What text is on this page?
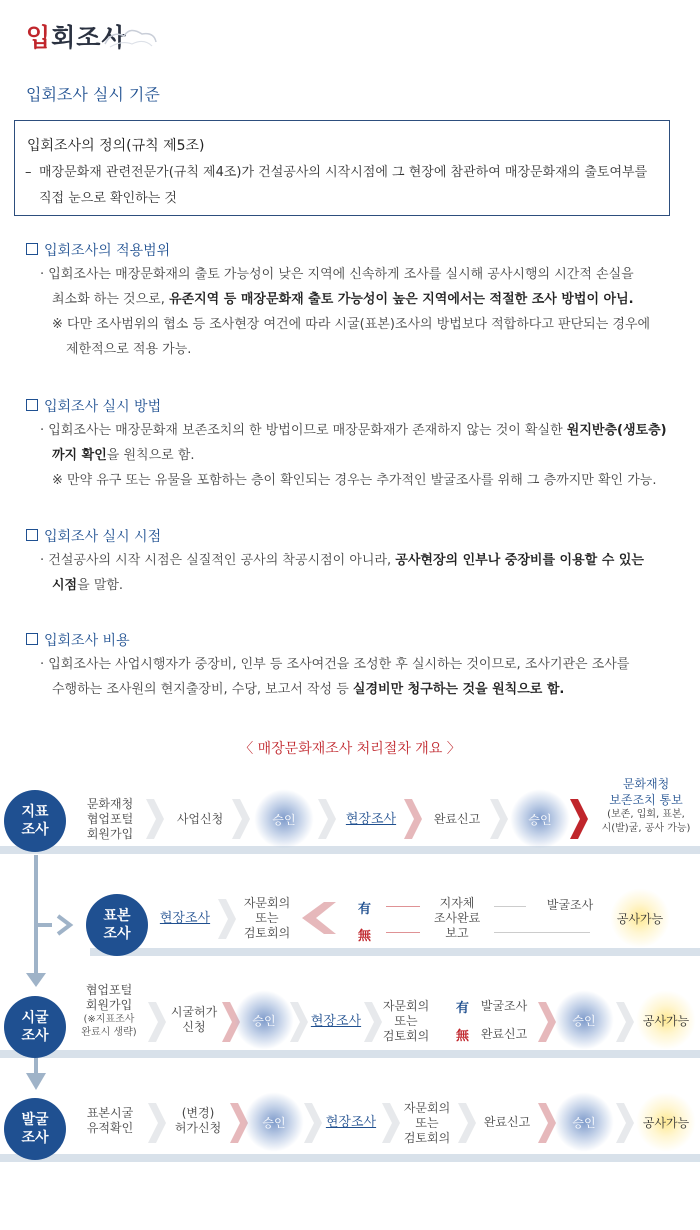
입회조사
입회조사 실시 기준
입회조사의 정의(규칙 제5조)
– 매장문화재 관련전문가(규칙 제4조)가 건설공사의 시작시점에 그 현장에 참관하여 매장문화재의 출토여부를
직접 눈으로 확인하는 것
입회조사의 적용범위
· 입회조사는 매장문화재의 출토 가능성이 낮은 지역에 신속하게 조사를 실시해 공사시행의 시간적 손실을
최소화 하는 것으로, 유존지역 등 매장문화재 출토 가능성이 높은 지역에서는 적절한 조사 방법이 아님.
※ 다만 조사범위의 협소 등 조사현장 여건에 따라 시굴(표본)조사의 방법보다 적합하다고 판단되는 경우에
제한적으로 적용 가능.
입회조사 실시 방법
· 입회조사는 매장문화재 보존조치의 한 방법이므로 매장문화재가 존재하지 않는 것이 확실한 원지반층(생토층)
까지 확인을 원칙으로 함.
※ 만약 유구 또는 유물을 포함하는 층이 확인되는 경우는 추가적인 발굴조사를 위해 그 층까지만 확인 가능.
입회조사 실시 시점
· 건설공사의 시작 시점은 실질적인 공사의 착공시점이 아니라, 공사현장의 인부나 중장비를 이용할 수 있는
시점을 말함.
입회조사 비용
· 입회조사는 사업시행자가 중장비, 인부 등 조사여건을 조성한 후 실시하는 것이므로, 조사기관은 조사를
수행하는 조사원의 현지출장비, 수당, 보고서 작성 등 실경비만 청구하는 것을 원칙으로 함.
〈 매장문화재조사 처리절차 개요 〉
지표
조사
문화재청
협업포털
회원가입
사업신청	승인	현장조사	완료신고	승인
문화재청
보존조치 통보
(보존, 입회, 표본,
시(발)굴, 공사 가능)
표본
조사
현장조사
자문회의
또는
검토회의
有
無
지자체
조사완료
보고
발굴조사
공사가능
시굴
조사
협업포털
회원가입
(※지표조사
완료시 생략)
시굴허가
신청	승인	현장조사
자문회의
또는
검토회의
有
無
발굴조사
완료신고
승인	공사가능
발굴
조사
표본시굴
유적확인
(변경)
허가신청	승인	현장조사
자문회의
또는
검토회의
완료신고	승인	공사가능
